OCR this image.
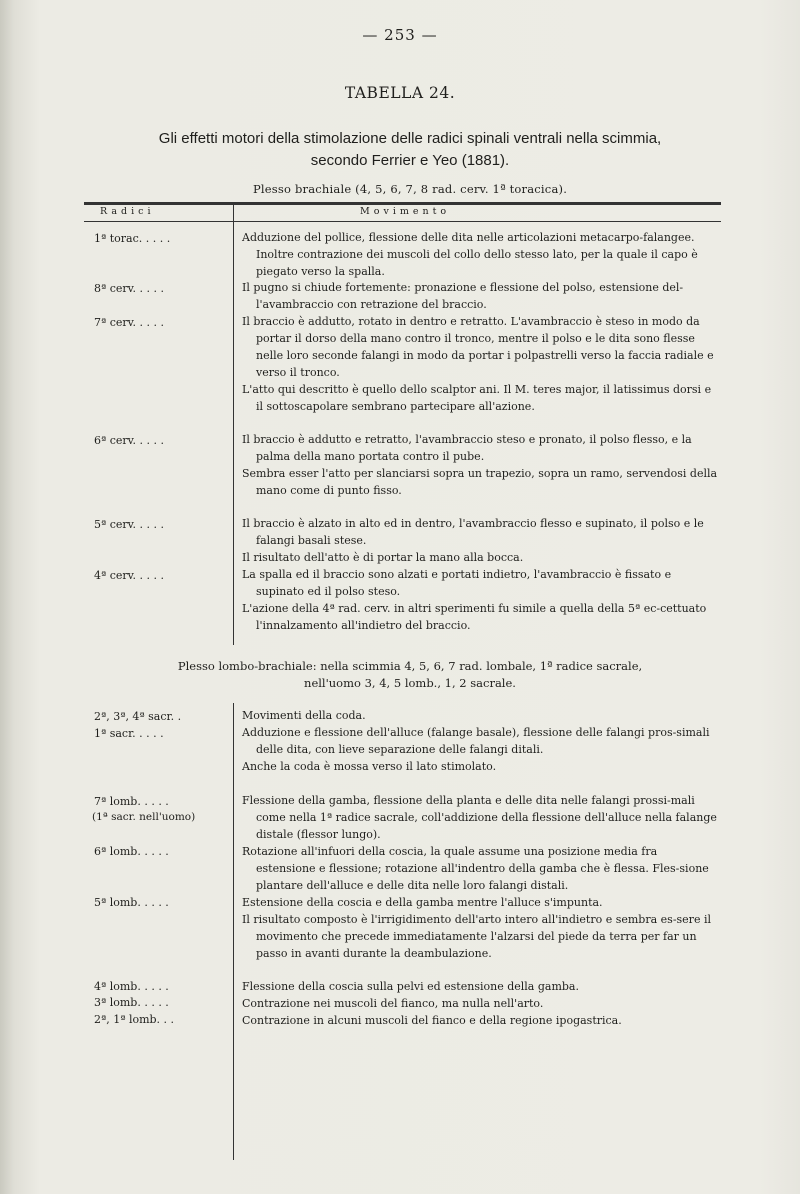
— 253 —
TABELLA 24.
Gli effetti motori della stimolazione delle radici spinali ventrali nella scimmia,
secondo Ferrier e Yeo (1881).
Plesso brachiale (4, 5, 6, 7, 8 rad. cerv. 1ª toracica).
Radici	Movimento
1ª torac. . . . .
8ª cerv. . . . .
7ª cerv. . . . .
6ª cerv. . . . .
5ª cerv. . . . .
4ª cerv. . . . .

Adduzione del pollice, flessione delle dita nelle articolazioni metacarpo-falangee. Inoltre contrazione dei muscoli del collo dello stesso lato, per la quale il capo è piegato verso la spalla.

Il pugno si chiude fortemente: pronazione e flessione del polso, estensione del-l'avambraccio con retrazione del braccio.

Il braccio è addutto, rotato in dentro e retratto. L'avambraccio è steso in modo da portar il dorso della mano contro il tronco, mentre il polso e le dita sono flesse nelle loro seconde falangi in modo da portar i polpastrelli verso la faccia radiale e verso il tronco.

L'atto qui descritto è quello dello scalptor ani. Il M. teres major, il latissimus dorsi e il sottoscapolare sembrano partecipare all'azione.

Il braccio è addutto e retratto, l'avambraccio steso e pronato, il polso flesso, e la palma della mano portata contro il pube.

Sembra esser l'atto per slanciarsi sopra un trapezio, sopra un ramo, servendosi della mano come di punto fisso.

Il braccio è alzato in alto ed in dentro, l'avambraccio flesso e supinato, il polso e le falangi basali stese.

Il risultato dell'atto è di portar la mano alla bocca.

La spalla ed il braccio sono alzati e portati indietro, l'avambraccio è fissato e supinato ed il polso steso.

L'azione della 4ª rad. cerv. in altri sperimenti fu simile a quella della 5ª ec-cettuato l'innalzamento all'indietro del braccio.

Plesso lombo-brachiale: nella scimmia 4, 5, 6, 7 rad. lombale, 1ª radice sacrale,
nell'uomo 3, 4, 5 lomb., 1, 2 sacrale.
2ª, 3ª, 4ª sacr. .
1ª sacr. . . . .
7ª lomb. . . . .
(1ª sacr. nell'uomo)
6ª lomb. . . . .
5ª lomb. . . . .
4ª lomb. . . . .
3ª lomb. . . . .
2ª, 1ª lomb. . .

Movimenti della coda.

Adduzione e flessione dell'alluce (falange basale), flessione delle falangi pros-simali delle dita, con lieve separazione delle falangi ditali.

Anche la coda è mossa verso il lato stimolato.

Flessione della gamba, flessione della planta e delle dita nelle falangi prossi-mali come nella 1ª radice sacrale, coll'addizione della flessione dell'alluce nella falange distale (flessor lungo).

Rotazione all'infuori della coscia, la quale assume una posizione media fra estensione e flessione; rotazione all'indentro della gamba che è flessa. Fles-sione plantare dell'alluce e delle dita nelle loro falangi distali.

Estensione della coscia e della gamba mentre l'alluce s'impunta.

Il risultato composto è l'irrigidimento dell'arto intero all'indietro e sembra es-sere il movimento che precede immediatamente l'alzarsi del piede da terra per far un passo in avanti durante la deambulazione.

Flessione della coscia sulla pelvi ed estensione della gamba.

Contrazione nei muscoli del fianco, ma nulla nell'arto.

Contrazione in alcuni muscoli del fianco e della regione ipogastrica.
